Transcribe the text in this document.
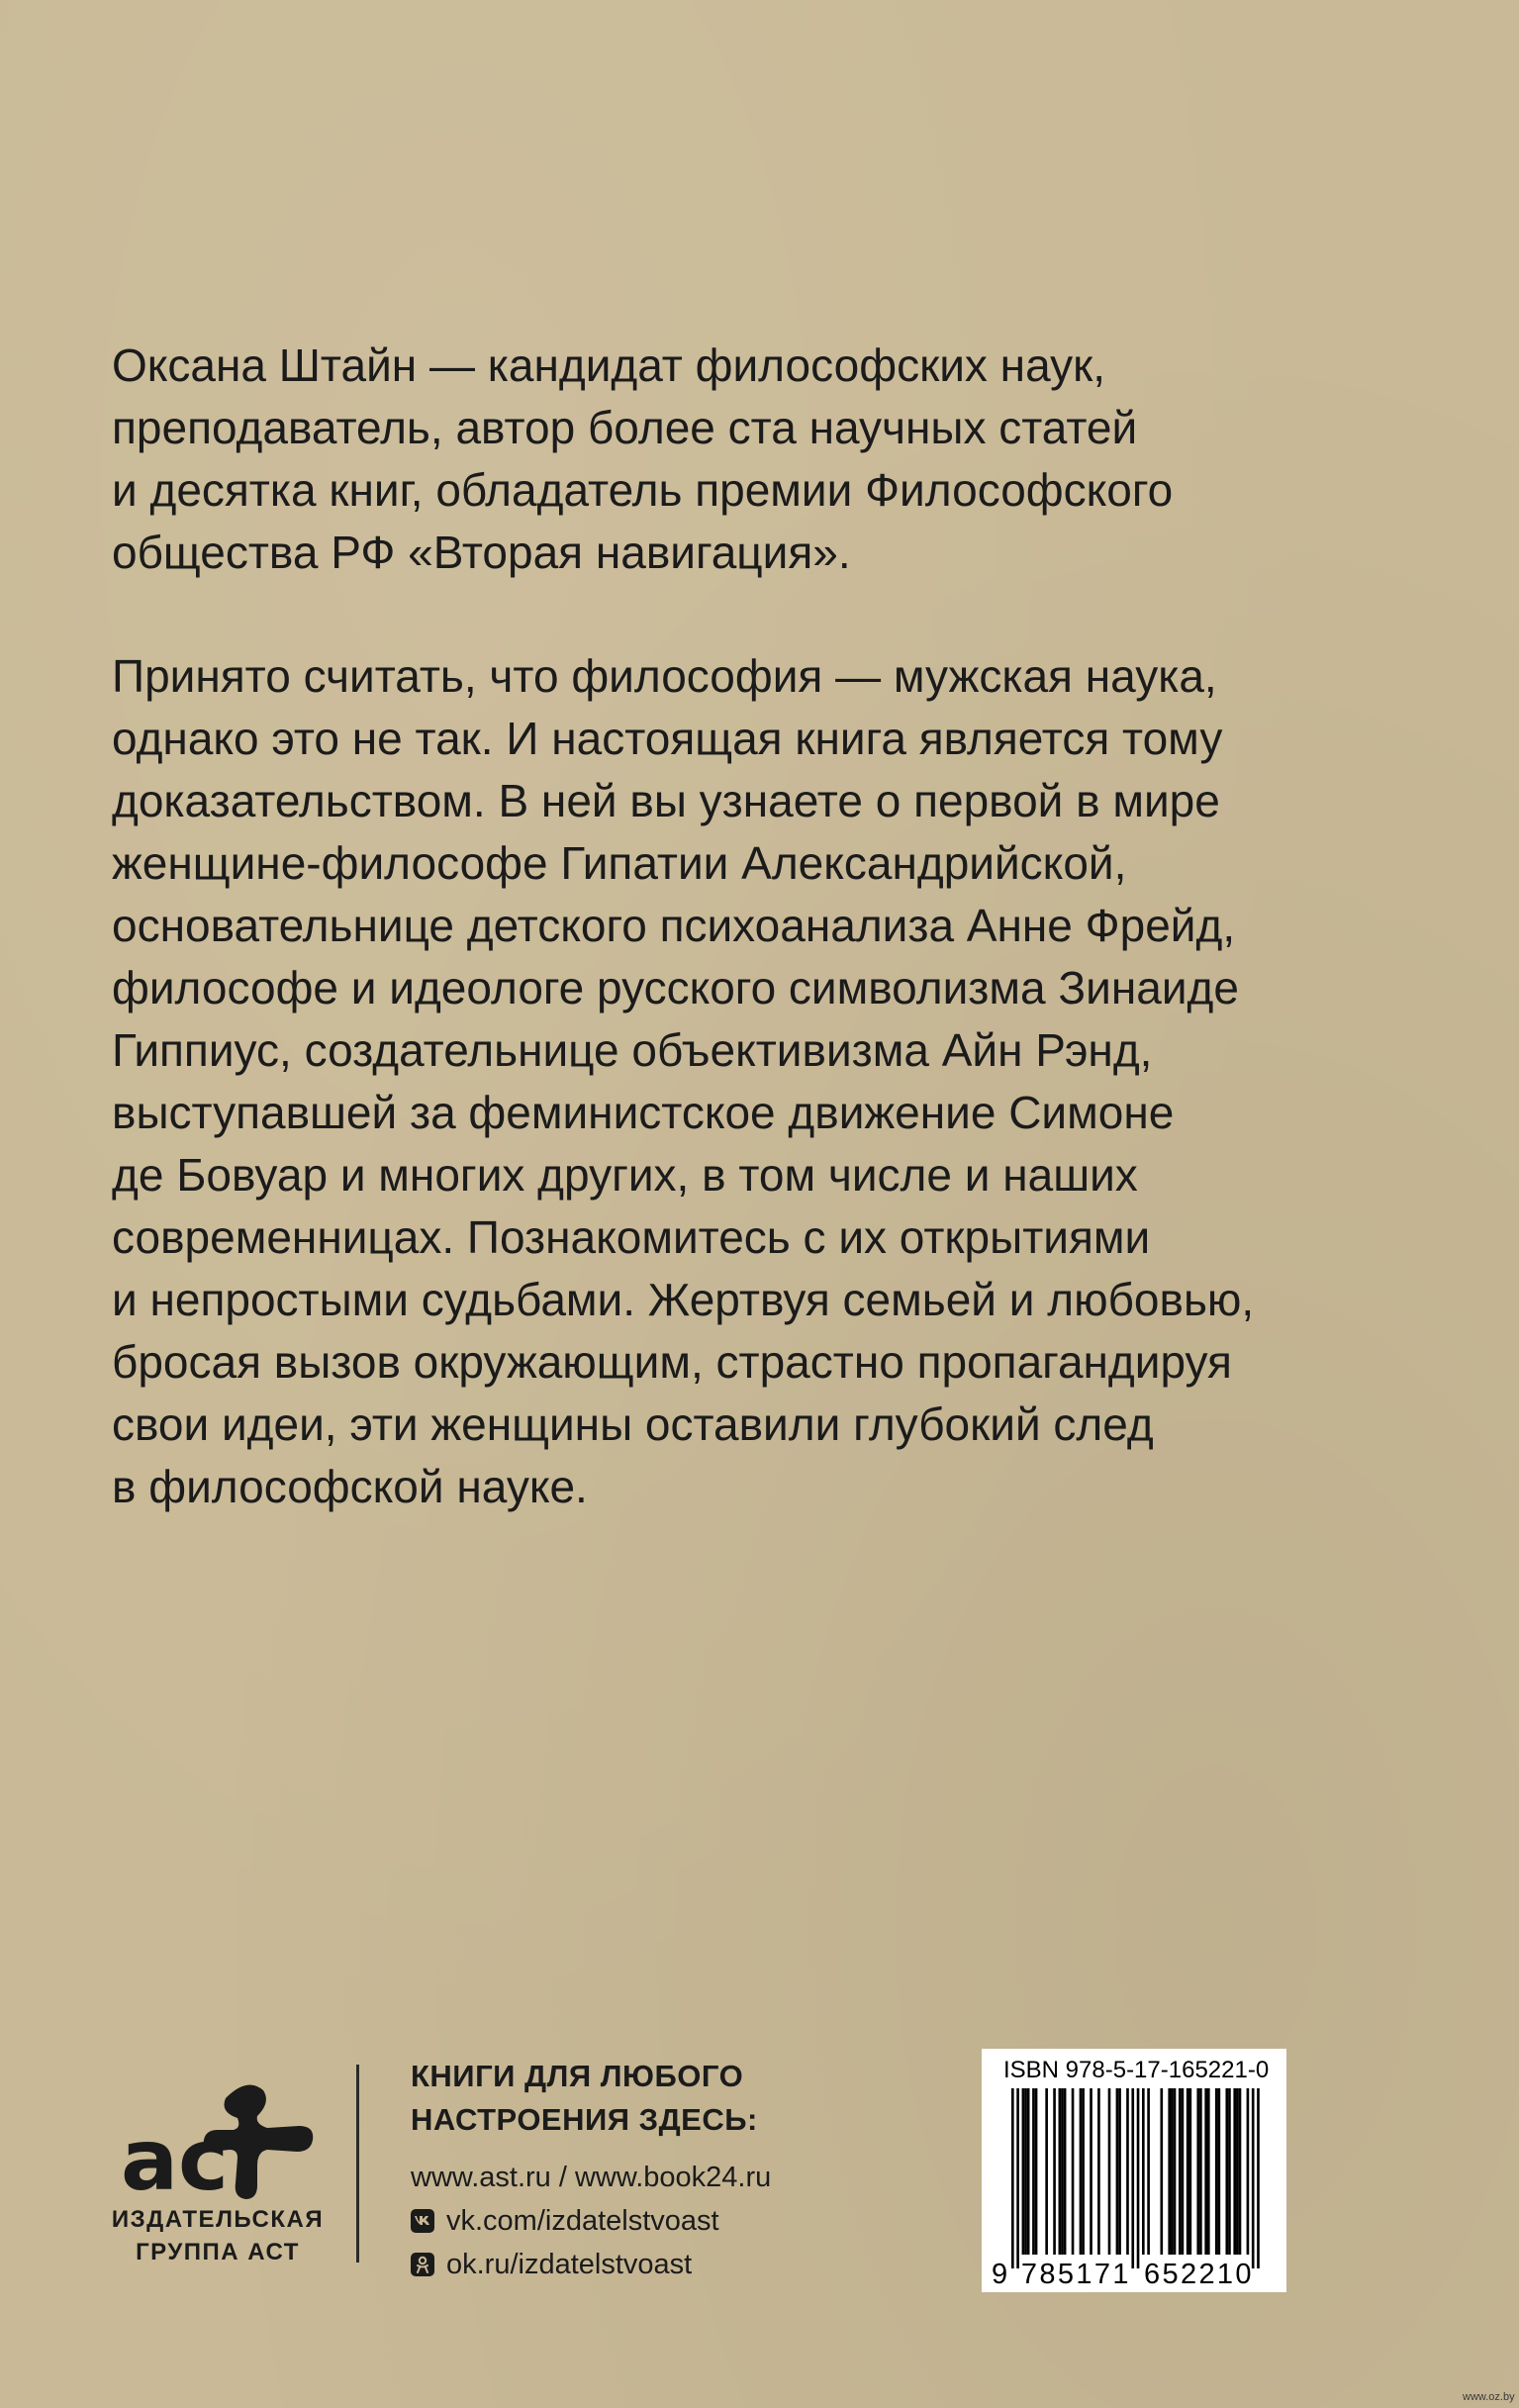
Оксана Штайн — кандидат философских наук,
преподаватель, автор более ста научных статей
и десятка книг, обладатель премии Философского
общества РФ «Вторая навигация».
Принято считать, что философия — мужская наука,
однако это не так. И настоящая книга является тому
доказательством. В ней вы узнаете о первой в мире
женщине-философе Гипатии Александрийской,
основательнице детского психоанализа Анне Фрейд,
философе и идеологе русского символизма Зинаиде
Гиппиус, создательнице объективизма Айн Рэнд,
выступавшей за феминистское движение Симоне
де Бовуар и многих других, в том числе и наших
современницах. Познакомитесь с их открытиями
и непростыми судьбами. Жертвуя семьей и любовью,
бросая вызов окружающим, страстно пропагандируя
свои идеи, эти женщины оставили глубокий след
в философской науке.
ас
ИЗДАТЕЛЬСКАЯ
ГРУППА АСТ
КНИГИ ДЛЯ ЛЮБОГО
НАСТРОЕНИЯ ЗДЕСЬ:
www.ast.ru / www.book24.ru
vk.com/izdatelstvoast
ok.ru/izdatelstvoast
ISBN 978-5-17-165221-0
9 7 8 5 1 7 1 6 5 2 2 1 0
www.oz.by
